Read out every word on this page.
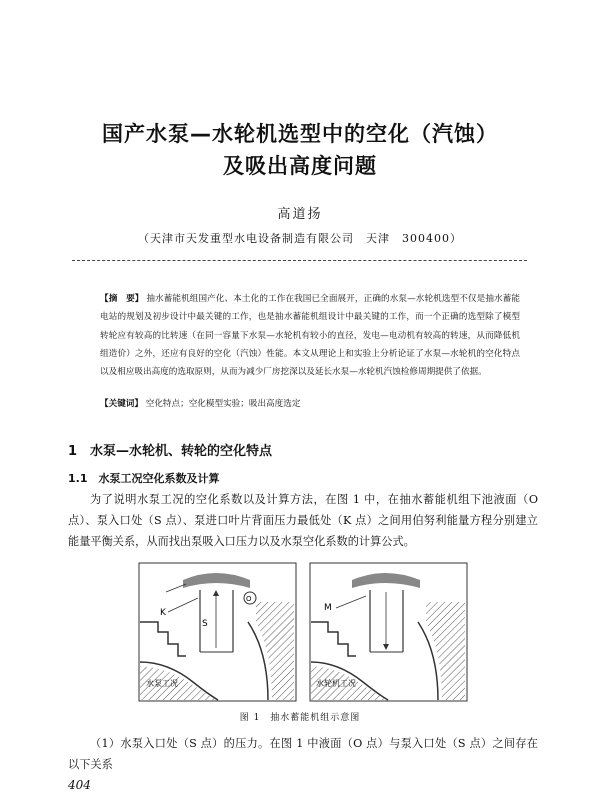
国产水泵—水轮机选型中的空化（汽蚀）
及吸出高度问题
高道扬
（天津市天发重型水电设备制造有限公司　天津　300400）
【摘　要】 抽水蓄能机组国产化、本土化的工作在我国已全面展开，正确的水泵—水轮机选型不仅是抽水蓄能电站的规划及初步设计中最关键的工作，也是抽水蓄能机组设计中最关键的工作，而一个正确的选型除了模型转轮应有较高的比转速（在同一容量下水泵—水轮机有较小的直径，发电—电动机有较高的转速，从而降低机组造价）之外，还应有良好的空化（汽蚀）性能。本文从理论上和实验上分析论证了水泵—水轮机的空化特点以及相应吸出高度的选取原则，从而为减少厂房挖深以及延长水泵—水轮机汽蚀检修周期提供了依据。
【关键词】 空化特点；空化模型实验；吸出高度选定
1　水泵—水轮机、转轮的空化特点
1.1　水泵工况空化系数及计算
为了说明水泵工况的空化系数以及计算方法，在图 1 中，在抽水蓄能机组下池液面（O 点）、泵入口处（S 点）、泵进口叶片背面压力最低处（K 点）之间用伯努利能量方程分别建立能量平衡关系，从而找出泵吸入口压力以及水泵空化系数的计算公式。
K
S
O
水泵工况
M
水轮机工况
图 1　抽水蓄能机组示意图
（1）水泵入口处（S 点）的压力。在图 1 中液面（O 点）与泵入口处（S 点）之间存在以下关系
404
